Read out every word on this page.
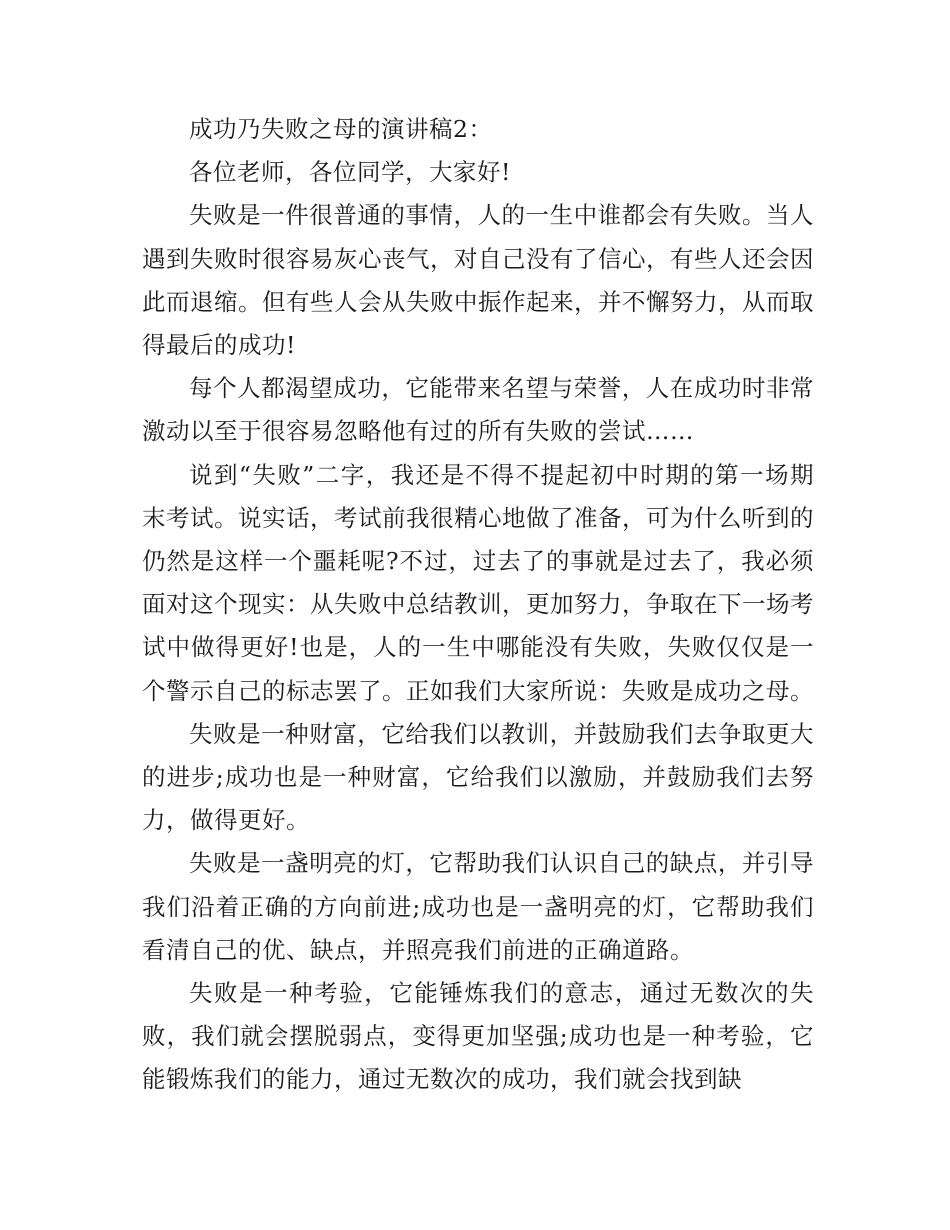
成功乃失败之母的演讲稿2：

各位老师，各位同学，大家好!

失败是一件很普通的事情，人的一生中谁都会有失败。当人遇到失败时很容易灰心丧气，对自己没有了信心，有些人还会因此而退缩。但有些人会从失败中振作起来，并不懈努力，从而取得最后的成功!

每个人都渴望成功，它能带来名望与荣誉，人在成功时非常激动以至于很容易忽略他有过的所有失败的尝试……

说到“失败”二字，我还是不得不提起初中时期的第一场期末考试。说实话，考试前我很精心地做了准备，可为什么听到的仍然是这样一个噩耗呢?不过，过去了的事就是过去了，我必须面对这个现实：从失败中总结教训，更加努力，争取在下一场考试中做得更好!也是，人的一生中哪能没有失败，失败仅仅是一个警示自己的标志罢了。正如我们大家所说：失败是成功之母。

失败是一种财富，它给我们以教训，并鼓励我们去争取更大的进步;成功也是一种财富，它给我们以激励，并鼓励我们去努力，做得更好。

失败是一盏明亮的灯，它帮助我们认识自己的缺点，并引导我们沿着正确的方向前进;成功也是一盏明亮的灯，它帮助我们看清自己的优、缺点，并照亮我们前进的正确道路。

失败是一种考验，它能锤炼我们的意志，通过无数次的失败，我们就会摆脱弱点，变得更加坚强;成功也是一种考验，它能锻炼我们的能力，通过无数次的成功，我们就会找到缺
